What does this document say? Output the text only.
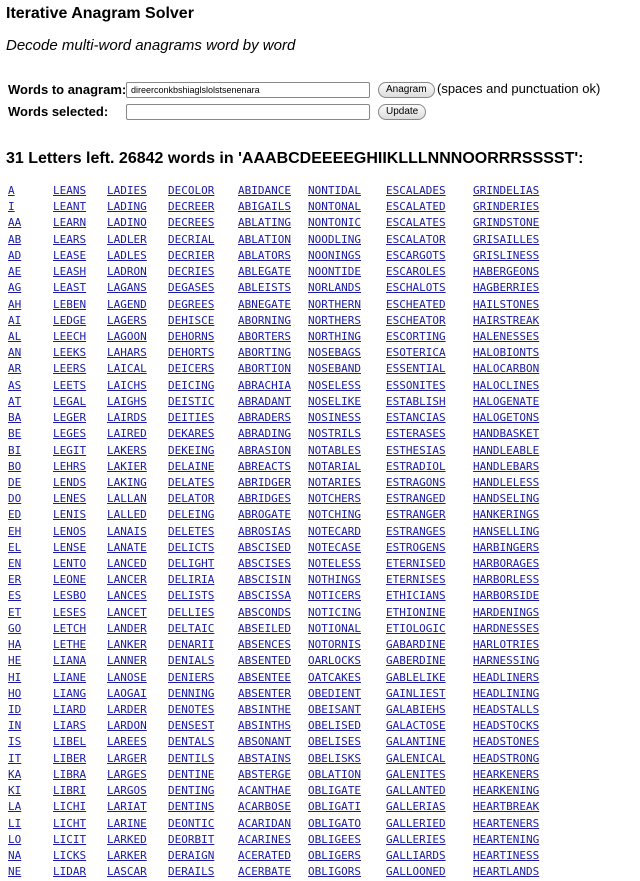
Iterative Anagram Solver
Decode multi-word anagrams word by word
Words to anagram:
direerconkbshiaglslolstsenenara	Anagram (spaces and punctuation ok)
Words selected:	Update
31 Letters left. 26842 words in 'AAABCDEEEEGHIIKLLLNNNOORRRSSSST':
A
I
AA
AB
AD
AE
AG
AH
AI
AL
AN
AR
AS
AT
BA
BE
BI
BO
DE
DO
ED
EH
EL
EN
ER
ES
ET
GO
HA
HE
HI
HO
ID
IN
IS
IT
KA
KI
LA
LI
LO
NA
NE
LEANS
LEANT
LEARN
LEARS
LEASE
LEASH
LEAST
LEBEN
LEDGE
LEECH
LEEKS
LEERS
LEETS
LEGAL
LEGER
LEGES
LEGIT
LEHRS
LENDS
LENES
LENIS
LENOS
LENSE
LENTO
LEONE
LESBO
LESES
LETCH
LETHE
LIANA
LIANE
LIANG
LIARD
LIARS
LIBEL
LIBER
LIBRA
LIBRI
LICHI
LICHT
LICIT
LICKS
LIDAR
LADIES
LADING
LADINO
LADLER
LADLES
LADRON
LAGANS
LAGEND
LAGERS
LAGOON
LAHARS
LAICAL
LAICHS
LAIGHS
LAIRDS
LAIRED
LAKERS
LAKIER
LAKING
LALLAN
LALLED
LANAIS
LANATE
LANCED
LANCER
LANCES
LANCET
LANDER
LANKER
LANNER
LANOSE
LAOGAI
LARDER
LARDON
LAREES
LARGER
LARGES
LARGOS
LARIAT
LARINE
LARKED
LARKER
LASCAR
DECOLOR
DECREER
DECREES
DECRIAL
DECRIER
DECRIES
DEGASES
DEGREES
DEHISCE
DEHORNS
DEHORTS
DEICERS
DEICING
DEISTIC
DEITIES
DEKARES
DEKEING
DELAINE
DELATES
DELATOR
DELEING
DELETES
DELICTS
DELIGHT
DELIRIA
DELISTS
DELLIES
DELTAIC
DENARII
DENIALS
DENIERS
DENNING
DENOTES
DENSEST
DENTALS
DENTILS
DENTINE
DENTING
DENTINS
DEONTIC
DEORBIT
DERAIGN
DERAILS
ABIDANCE
ABIGAILS
ABLATING
ABLATION
ABLATORS
ABLEGATE
ABLEISTS
ABNEGATE
ABORNING
ABORTERS
ABORTING
ABORTION
ABRACHIA
ABRADANT
ABRADERS
ABRADING
ABRASION
ABREACTS
ABRIDGER
ABRIDGES
ABROGATE
ABROSIAS
ABSCISED
ABSCISES
ABSCISIN
ABSCISSA
ABSCONDS
ABSEILED
ABSENCES
ABSENTED
ABSENTEE
ABSENTER
ABSINTHE
ABSINTHS
ABSONANT
ABSTAINS
ABSTERGE
ACANTHAE
ACARBOSE
ACARIDAN
ACARINES
ACERATED
ACERBATE
NONTIDAL
NONTONAL
NONTONIC
NOODLING
NOONINGS
NOONTIDE
NORLANDS
NORTHERN
NORTHERS
NORTHING
NOSEBAGS
NOSEBAND
NOSELESS
NOSELIKE
NOSINESS
NOSTRILS
NOTABLES
NOTARIAL
NOTARIES
NOTCHERS
NOTCHING
NOTECARD
NOTECASE
NOTELESS
NOTHINGS
NOTICERS
NOTICING
NOTIONAL
NOTORNIS
OARLOCKS
OATCAKES
OBEDIENT
OBEISANT
OBELISED
OBELISES
OBELISKS
OBLATION
OBLIGATE
OBLIGATI
OBLIGATO
OBLIGEES
OBLIGERS
OBLIGORS
ESCALADES
ESCALATED
ESCALATES
ESCALATOR
ESCARGOTS
ESCAROLES
ESCHALOTS
ESCHEATED
ESCHEATOR
ESCORTING
ESOTERICA
ESSENTIAL
ESSONITES
ESTABLISH
ESTANCIAS
ESTERASES
ESTHESIAS
ESTRADIOL
ESTRAGONS
ESTRANGED
ESTRANGER
ESTRANGES
ESTROGENS
ETERNISED
ETERNISES
ETHICIANS
ETHIONINE
ETIOLOGIC
GABARDINE
GABERDINE
GABLELIKE
GAINLIEST
GALABIEHS
GALACTOSE
GALANTINE
GALENICAL
GALENITES
GALLANTED
GALLERIAS
GALLERIED
GALLERIES
GALLIARDS
GALLOONED
GRINDELIAS
GRINDERIES
GRINDSTONE
GRISAILLES
GRISLINESS
HABERGEONS
HAGBERRIES
HAILSTONES
HAIRSTREAK
HALENESSES
HALOBIONTS
HALOCARBON
HALOCLINES
HALOGENATE
HALOGETONS
HANDBASKET
HANDLEABLE
HANDLEBARS
HANDLELESS
HANDSELING
HANKERINGS
HANSELLING
HARBINGERS
HARBORAGES
HARBORLESS
HARBORSIDE
HARDENINGS
HARDNESSES
HARLOTRIES
HARNESSING
HEADLINERS
HEADLINING
HEADSTALLS
HEADSTOCKS
HEADSTONES
HEADSTRONG
HEARKENERS
HEARKENING
HEARTBREAK
HEARTENERS
HEARTENING
HEARTINESS
HEARTLANDS
